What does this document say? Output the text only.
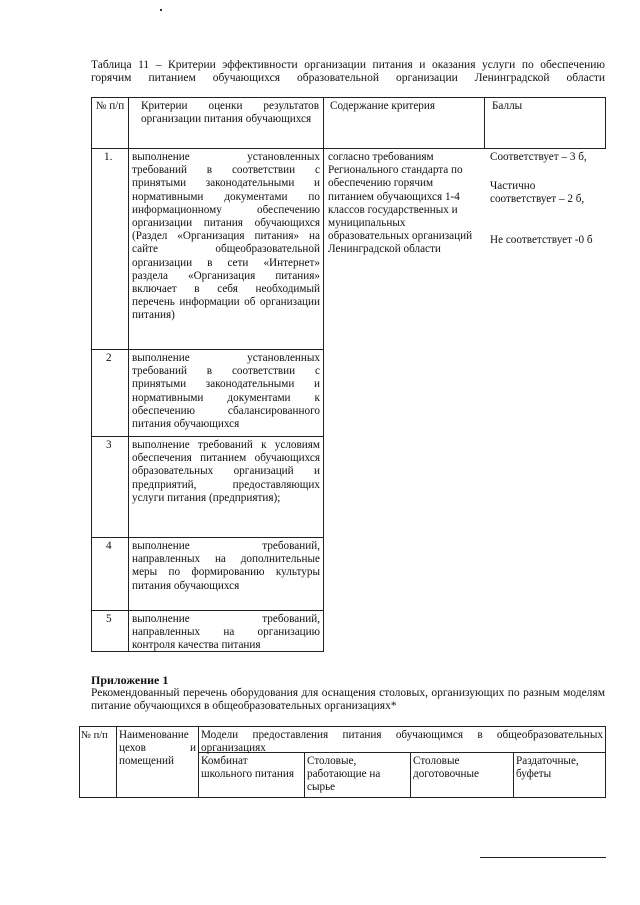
Таблица 11 – Критерии эффективности организации питания и оказания услуги по обеспечению горячим питанием обучающихся образовательной организации Ленинградской области
№ п/п Критерии оценки результатов организации питания обучающихся
Содержание критерия	Баллы
1.
2
3
4
5
выполнение установленных требований в соответствии с принятыми законодательными и нормативными документами по информационному обеспечению организации питания обучающихся (Раздел «Организация питания» на сайте общеобразовательной организации в сети «Интернет» раздела «Организация питания» включает в себя необходимый перечень информации об организации питания)
выполнение установленных требований в соответствии с принятыми законодательными и нормативными документами к обеспечению сбалансированного питания обучающихся
выполнение требований к условиям обеспечения питанием обучающихся образовательных организаций и предприятий, предоставляющих услуги питания (предприятия);
выполнение требований, направленных на дополнительные меры по формированию культуры питания обучающихся
выполнение требований, направленных на организацию контроля качества питания
согласно требованиям Регионального стандарта по обеспечению горячим питанием обучающихся 1-4 классов государственных и муниципальных образовательных организаций Ленинградской области
Соответствует – 3 б,
Частично соответствует – 2 б,
Не соответствует -0 б
Приложение 1
Рекомендованный перечень оборудования для оснащения столовых, организующих по разным моделям питание обучающихся в общеобразовательных организациях*
№ п/п Наименование цехов и помещений
Модели предоставления питания обучающимся в общеобразовательных организациях
Комбинат школьного питания
Столовые, работающие на сырье
Столовые доготовочные
Раздаточные, буфеты
